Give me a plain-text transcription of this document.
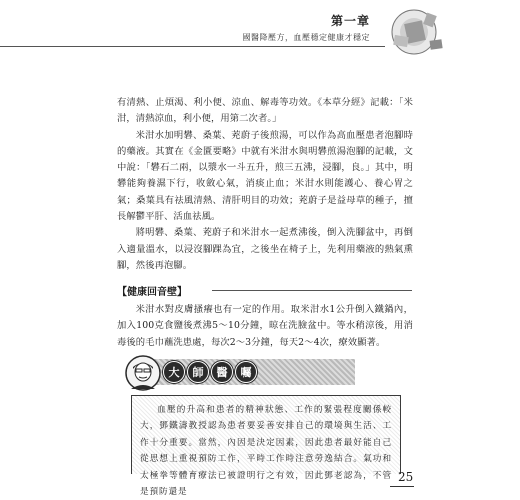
第一章
國醫降壓方，血壓穩定健康才穩定

有清熱、止煩渴、利小便、涼血、解毒等功效。《本草分經》記載：「米泔，清熱涼血，利小便，用第二次者。」

米泔水加明礬、桑葉、茺蔚子後煎湯，可以作為高血壓患者泡腳時的藥液。其實在《金匱要略》中就有米泔水與明礬煎湯泡腳的記載，文中說：「礬石二兩，以漿水一斗五升，煎三五沸，浸腳，良。」其中，明礬能夠養濕下行，收斂心氣，消痰止血；米泔水則能護心、養心胃之氣；桑葉具有祛風清熱、清肝明目的功效；茺蔚子是益母草的種子，擅長解鬱平肝、活血祛風。

將明礬、桑葉、茺蔚子和米泔水一起煮沸後，倒入洗腳盆中，再倒入適量溫水，以浸沒腳踝為宜，之後坐在椅子上，先利用藥液的熱氣熏腳，然後再泡腳。

【健康回音壁】

米泔水對皮膚搔癢也有一定的作用。取米泔水1公升倒入鐵鍋內，加入100克食鹽後煮沸5～10分鐘，晾在洗臉盆中。等水稍涼後，用消毒後的毛巾蘸洗患處，每次2～3分鐘，每天2～4次，療效顯著。

大	師	醫	囑

血壓的升高和患者的精神狀態、工作的緊張程度關係較大，鄧鐵濤教授認為患者要妥善安排自己的環境與生活、工作十分重要。當然，內因是決定因素，因此患者最好能自己從思想上重視預防工作，平時工作時注意勞逸結合。氣功和太極拳等體育療法已被證明行之有效，因此鄧老認為，不管是預防還是

25
